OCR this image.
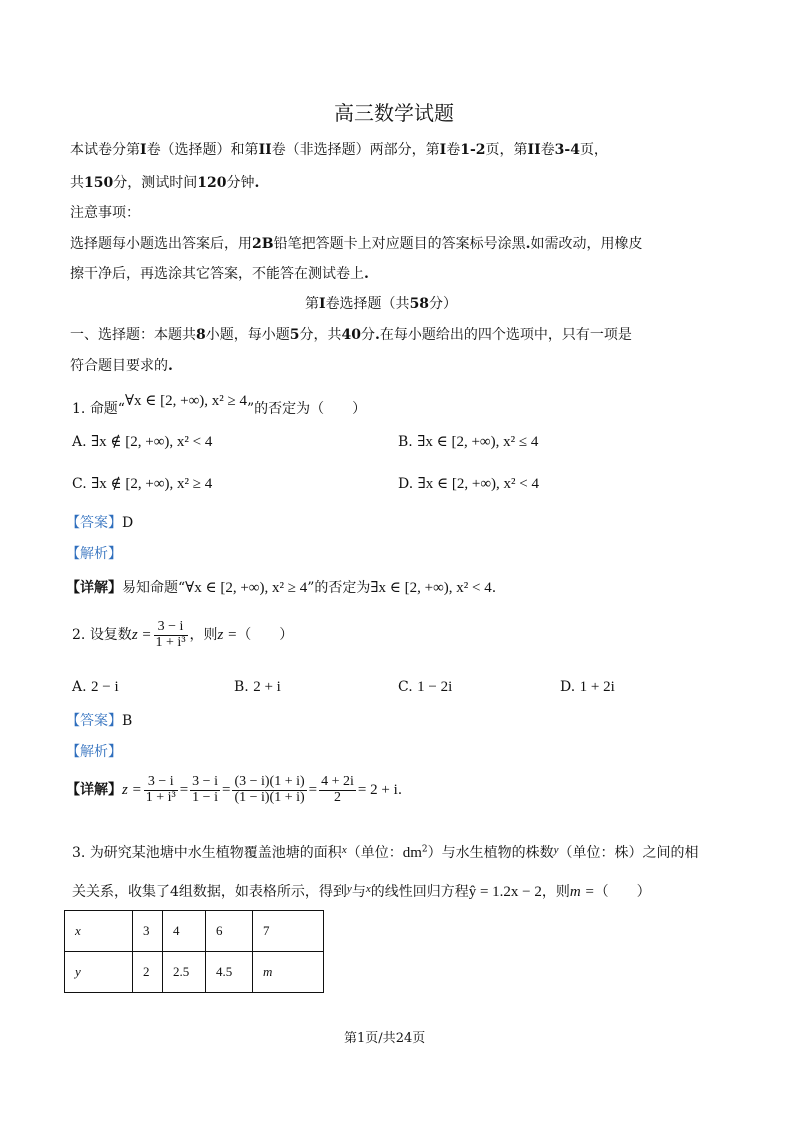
高三数学试题
本试卷分第I卷（选择题）和第II卷（非选择题）两部分，第I卷1-2页，第II卷3-4页，
共150分，测试时间120分钟.
注意事项：
选择题每小题选出答案后，用2B铅笔把答题卡上对应题目的答案标号涂黑.如需改动，用橡皮
擦干净后，再选涂其它答案，不能答在测试卷上.
第I卷选择题（共58分）
一、选择题：本题共8小题，每小题5分，共40分.在每小题给出的四个选项中，只有一项是
符合题目要求的.
1. 命题“∀x ∈ [2, +∞), x² ≥ 4”的否定为（　　）
A. ∃x ∉ [2, +∞), x² < 4	B. ∃x ∈ [2, +∞), x² ≤ 4
C. ∃x ∉ [2, +∞), x² ≥ 4	D. ∃x ∈ [2, +∞), x² < 4
【答案】D
【解析】
【详解】易知命题“∀x ∈ [2, +∞), x² ≥ 4”的否定为∃x ∈ [2, +∞), x² < 4.
2. 设复数$z = \frac{3 - i}{\text{1 + i³}}$ ，则z =（　　）
A. 2 − i	B. 2 + i	C. 1 − 2i	D. 1 + 2i
【答案】B
【解析】
【详解】$z = \frac{3 - i}{\text{1 + i³}} = \frac{3 - i}{1 - i} = \frac{(3 - i)(1 + i)}{(1 - i)(1 + i)} = \frac{4 + 2i}{2} = 2 + i$.
3. 为研究某池塘中水生植物覆盖池塘的面积$^x$（单位：$dm^2$）与水生植物的株数$^y$（单位：株）之间的相
关关系，收集了4组数据，如表格所示，得到$^y$与$^x$的线性回归方程ŷ = 1.2x − 2，则m =（　　）
x	3	4	6	7
y	2	2.5	4.5	m
第1页/共24页
